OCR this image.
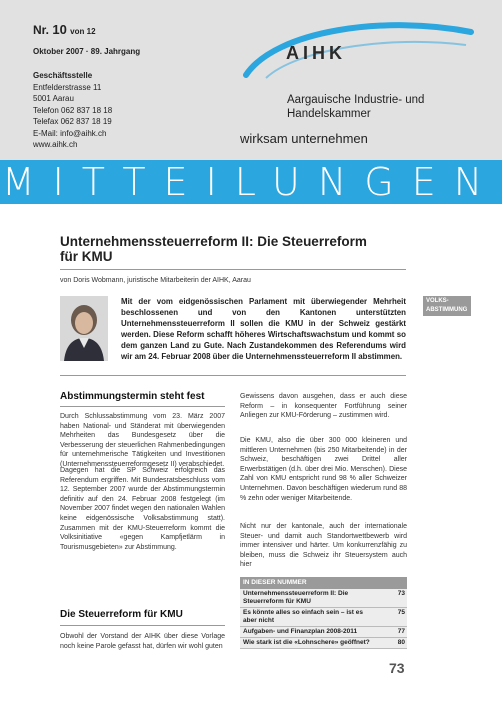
Nr. 10 von 12
Oktober 2007 · 89. Jahrgang
Geschäftsstelle
Entfelderstrasse 11
5001 Aarau
Telefon 062 837 18 18
Telefax 062 837 18 19
E-Mail: info@aihk.ch
www.aihk.ch
AIHK
Aargauische Industrie- und
Handelskammer
wirksam unternehmen
MITTEILUNGEN
Unternehmenssteuerreform II: Die Steuerreform
für KMU
von Doris Wobmann, juristische Mitarbeiterin der AIHK, Aarau
Mit der vom eidgenössischen Parlament mit überwiegender Mehrheit beschlossenen und von den Kantonen unterstützten Unternehmenssteuerreform II sollen die KMU in der Schweiz gestärkt werden. Diese Reform schafft höheres Wirtschaftswachstum und kommt so dem ganzen Land zu Gute. Nach Zustandekommen des Referendums wird wir am 24. Februar 2008 über die Unternehmenssteuerreform II abstimmen.
VOLKS-
ABSTIMMUNG
Abstimmungstermin steht fest
Durch Schlussabstimmung vom 23. März 2007 haben National- und Ständerat mit überwiegenden Mehrheiten das Bundesgesetz über die Verbesserung der steuerlichen Rahmenbedingungen für unternehmerische Tätigkeiten und Investitionen (Unternehmenssteuerreformgesetz II) verabschiedet.
Dagegen hat die SP Schweiz erfolgreich das Referendum ergriffen. Mit Bundesratsbeschluss vom 12. September 2007 wurde der Abstimmungstermin definitiv auf den 24. Februar 2008 festgelegt (im November 2007 findet wegen den nationalen Wahlen keine eidgenössische Volksabstimmung statt). Zusammen mit der KMU-Steuerreform kommt die Volksinitiative «gegen Kampfjetlärm in Tourismusgebieten» zur Abstimmung.
Die Steuerreform für KMU
Obwohl der Vorstand der AIHK über diese Vorlage noch keine Parole gefasst hat, dürfen wir wohl guten
Gewissens davon ausgehen, dass er auch diese Reform – in konsequenter Fortführung seiner Anliegen zur KMU-Förderung – zustimmen wird.
Die KMU, also die über 300 000 kleineren und mittleren Unternehmen (bis 250 Mitarbeitende) in der Schweiz, beschäftigen zwei Drittel aller Erwerbstätigen (d.h. über drei Mio. Menschen). Diese Zahl von KMU entspricht rund 98 % aller Schweizer Unternehmen. Davon beschäftigen wiederum rund 88 % zehn oder weniger Mitarbeitende.
Nicht nur der kantonale, auch der internationale Steuer- und damit auch Standortwettbewerb wird immer intensiver und härter. Um konkurrenzfähig zu bleiben, muss die Schweiz ihr Steuersystem auch hier
IN DIESER NUMMER
Unternehmenssteuerreform II: Die Steuerreform für KMU
73
Es könnte alles so einfach sein – ist es aber nicht
75
Aufgaben- und Finanzplan 2008-2011	77
Wie stark ist die «Lohnschere» geöffnet?	80
73
